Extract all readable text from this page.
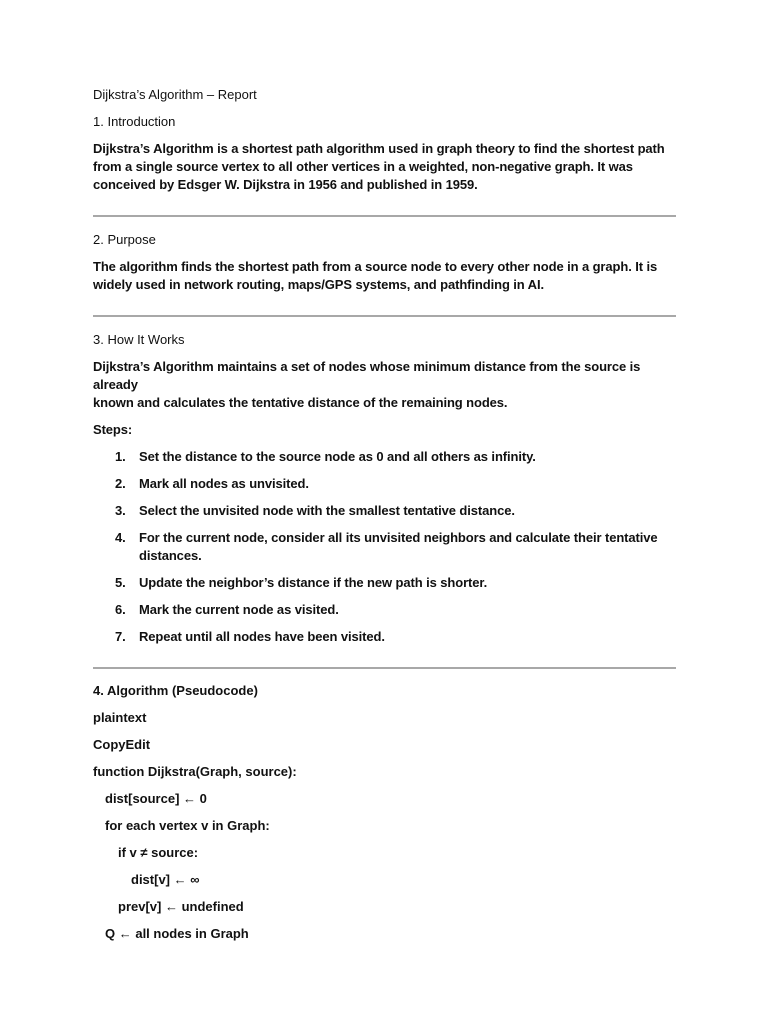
Dijkstra’s Algorithm – Report

1. Introduction

Dijkstra’s Algorithm is a shortest path algorithm used in graph theory to find the shortest path

from a single source vertex to all other vertices in a weighted, non-negative graph. It was

conceived by Edsger W. Dijkstra in 1956 and published in 1959.

2. Purpose

The algorithm finds the shortest path from a source node to every other node in a graph. It is

widely used in network routing, maps/GPS systems, and pathfinding in AI.

3. How It Works

Dijkstra’s Algorithm maintains a set of nodes whose minimum distance from the source is already

known and calculates the tentative distance of the remaining nodes.

Steps:

1. Set the distance to the source node as 0 and all others as infinity.
2. Mark all nodes as unvisited.
3. Select the unvisited node with the smallest tentative distance.
4. For the current node, consider all its unvisited neighbors and calculate their tentative
distances.
5. Update the neighbor’s distance if the new path is shorter.
6. Mark the current node as visited.
7. Repeat until all nodes have been visited.

4. Algorithm (Pseudocode)

plaintext

CopyEdit

function Dijkstra(Graph, source):

dist[source] ← 0

for each vertex v in Graph:

if v ≠ source:

dist[v] ← ∞

prev[v] ← undefined

Q ← all nodes in Graph
